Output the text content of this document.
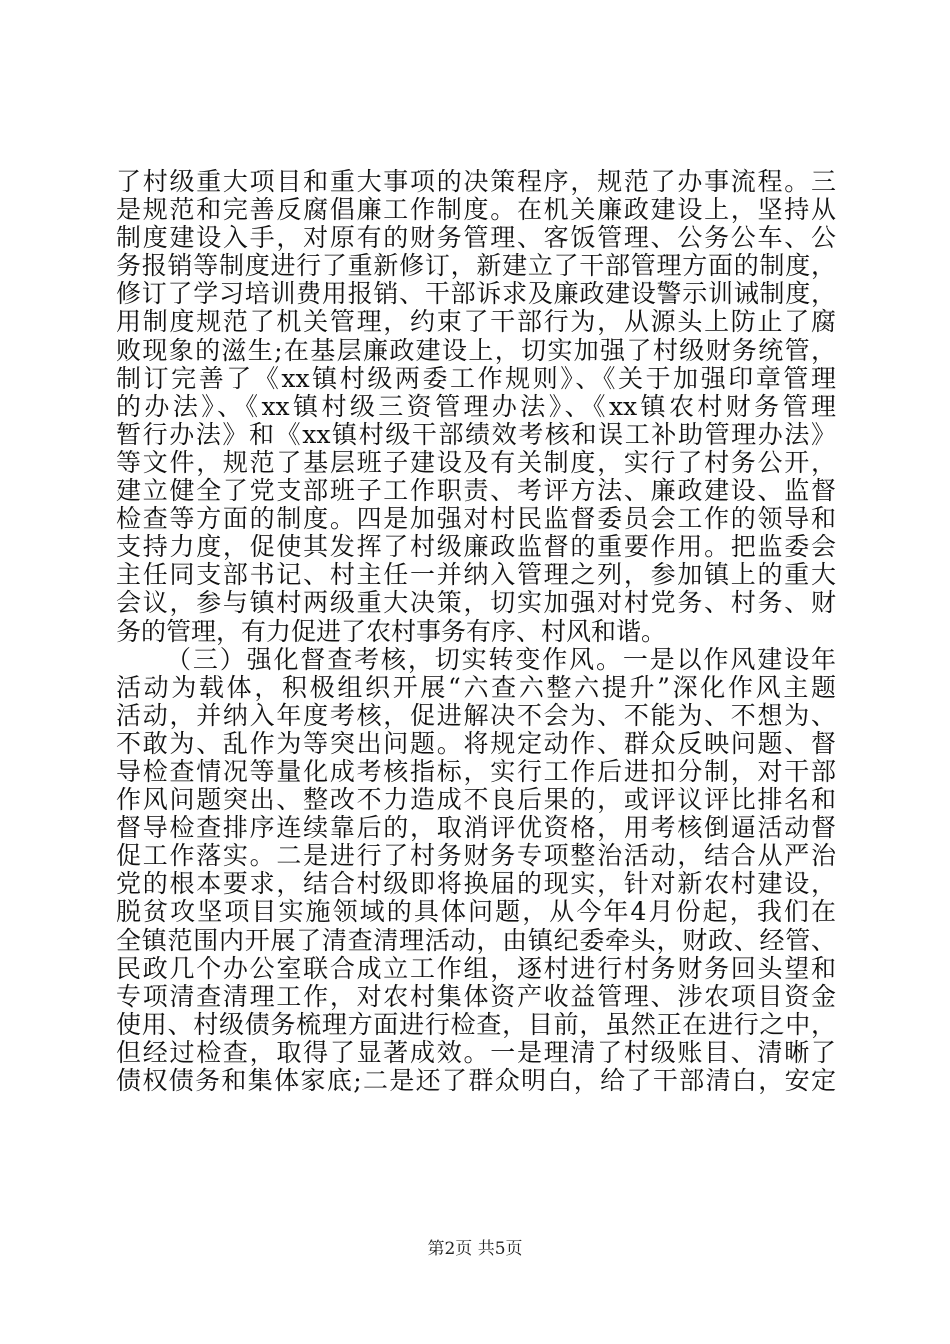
了村级重大项目和重大事项的决策程序，规范了办事流程。三
是规范和完善反腐倡廉工作制度。在机关廉政建设上，坚持从
制度建设入手，对原有的财务管理、客饭管理、公务公车、公
务报销等制度进行了重新修订，新建立了干部管理方面的制度，
修订了学习培训费用报销、干部诉求及廉政建设警示训诫制度，
用制度规范了机关管理，约束了干部行为，从源头上防止了腐
败现象的滋生;在基层廉政建设上，切实加强了村级财务统管，
制订完善了《xx镇村级两委工作规则》、《关于加强印章管理
的办法》、《xx镇村级三资管理办法》、《xx镇农村财务管理
暂行办法》和《xx镇村级干部绩效考核和误工补助管理办法》
等文件，规范了基层班子建设及有关制度，实行了村务公开，
建立健全了党支部班子工作职责、考评方法、廉政建设、监督
检查等方面的制度。四是加强对村民监督委员会工作的领导和
支持力度，促使其发挥了村级廉政监督的重要作用。把监委会
主任同支部书记、村主任一并纳入管理之列，参加镇上的重大
会议，参与镇村两级重大决策，切实加强对村党务、村务、财
务的管理，有力促进了农村事务有序、村风和谐。
（三）强化督查考核，切实转变作风。一是以作风建设年
活动为载体，积极组织开展“六查六整六提升”深化作风主题
活动，并纳入年度考核，促进解决不会为、不能为、不想为、
不敢为、乱作为等突出问题。将规定动作、群众反映问题、督
导检查情况等量化成考核指标，实行工作后进扣分制，对干部
作风问题突出、整改不力造成不良后果的，或评议评比排名和
督导检查排序连续靠后的，取消评优资格，用考核倒逼活动督
促工作落实。二是进行了村务财务专项整治活动，结合从严治
党的根本要求，结合村级即将换届的现实，针对新农村建设，
脱贫攻坚项目实施领域的具体问题，从今年4月份起，我们在
全镇范围内开展了清查清理活动，由镇纪委牵头，财政、经管、
民政几个办公室联合成立工作组，逐村进行村务财务回头望和
专项清查清理工作，对农村集体资产收益管理、涉农项目资金
使用、村级债务梳理方面进行检查，目前，虽然正在进行之中，
但经过检查，取得了显著成效。一是理清了村级账目、清晰了
债权债务和集体家底;二是还了群众明白，给了干部清白，安定
第2页 共5页
